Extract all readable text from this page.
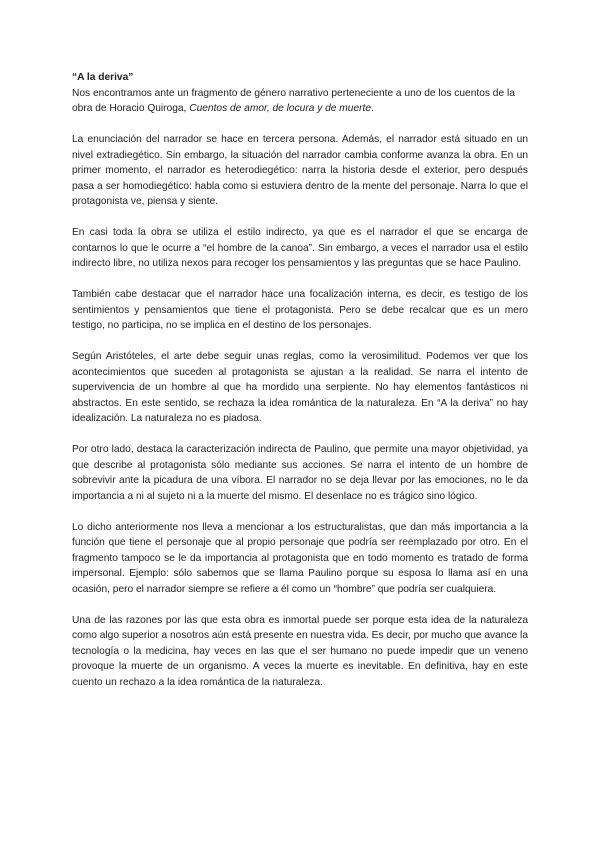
“A la deriva”

Nos encontramos ante un fragmento de género narrativo perteneciente a uno de los cuentos de la obra de Horacio Quiroga, Cuentos de amor, de locura y de muerte.

La enunciación del narrador se hace en tercera persona. Además, el narrador está situado en un nivel extradiegético. Sin embargo, la situación del narrador cambia conforme avanza la obra. En un primer momento, el narrador es heterodiegético: narra la historia desde el exterior, pero después pasa a ser homodiegético: habla como si estuviera dentro de la mente del personaje. Narra lo que el protagonista ve, piensa y siente.

En casi toda la obra se utiliza el estilo indirecto, ya que es el narrador el que se encarga de contarnos lo que le ocurre a “el hombre de la canoa”. Sin embargo, a veces el narrador usa el estilo indirecto libre, no utiliza nexos para recoger los pensamientos y las preguntas que se hace Paulino.

También cabe destacar que el narrador hace una focalización interna, es decir, es testigo de los sentimientos y pensamientos que tiene el protagonista. Pero se debe recalcar que es un mero testigo, no participa, no se implica en el destino de los personajes.

Según Aristóteles, el arte debe seguir unas reglas, como la verosimilitud. Podemos ver que los acontecimientos que suceden al protagonista se ajustan a la realidad. Se narra el intento de supervivencia de un hombre al que ha mordido una serpiente. No hay elementos fantásticos ni abstractos. En este sentido, se rechaza la idea romántica de la naturaleza. En “A la deriva” no hay idealización. La naturaleza no es piadosa.

Por otro lado, destaca la caracterización indirecta de Paulino, que permite una mayor objetividad, ya que describe al protagonista sólo mediante sus acciones. Se narra el intento de un hombre de sobrevivir ante la picadura de una víbora. El narrador no se deja llevar por las emociones, no le da importancia a ni al sujeto ni a la muerte del mismo. El desenlace no es trágico sino lógico.

Lo dicho anteriormente nos lleva a mencionar a los estructuralistas, que dan más importancia a la función que tiene el personaje que al propio personaje que podría ser reemplazado por otro. En el fragmento tampoco se le da importancia al protagonista que en todo momento es tratado de forma impersonal. Ejemplo: sólo sabemos que se llama Paulino porque su esposa lo llama así en una ocasión, pero el narrador siempre se refiere a él como un “hombre” que podría ser cualquiera.

Una de las razones por las que esta obra es inmortal puede ser porque esta idea de la naturaleza como algo superior a nosotros aún está presente en nuestra vida. Es decir, por mucho que avance la tecnología o la medicina, hay veces en las que el ser humano no puede impedir que un veneno provoque la muerte de un organismo. A veces la muerte es inevitable. En definitiva, hay en este cuento un rechazo a la idea romántica de la naturaleza.
